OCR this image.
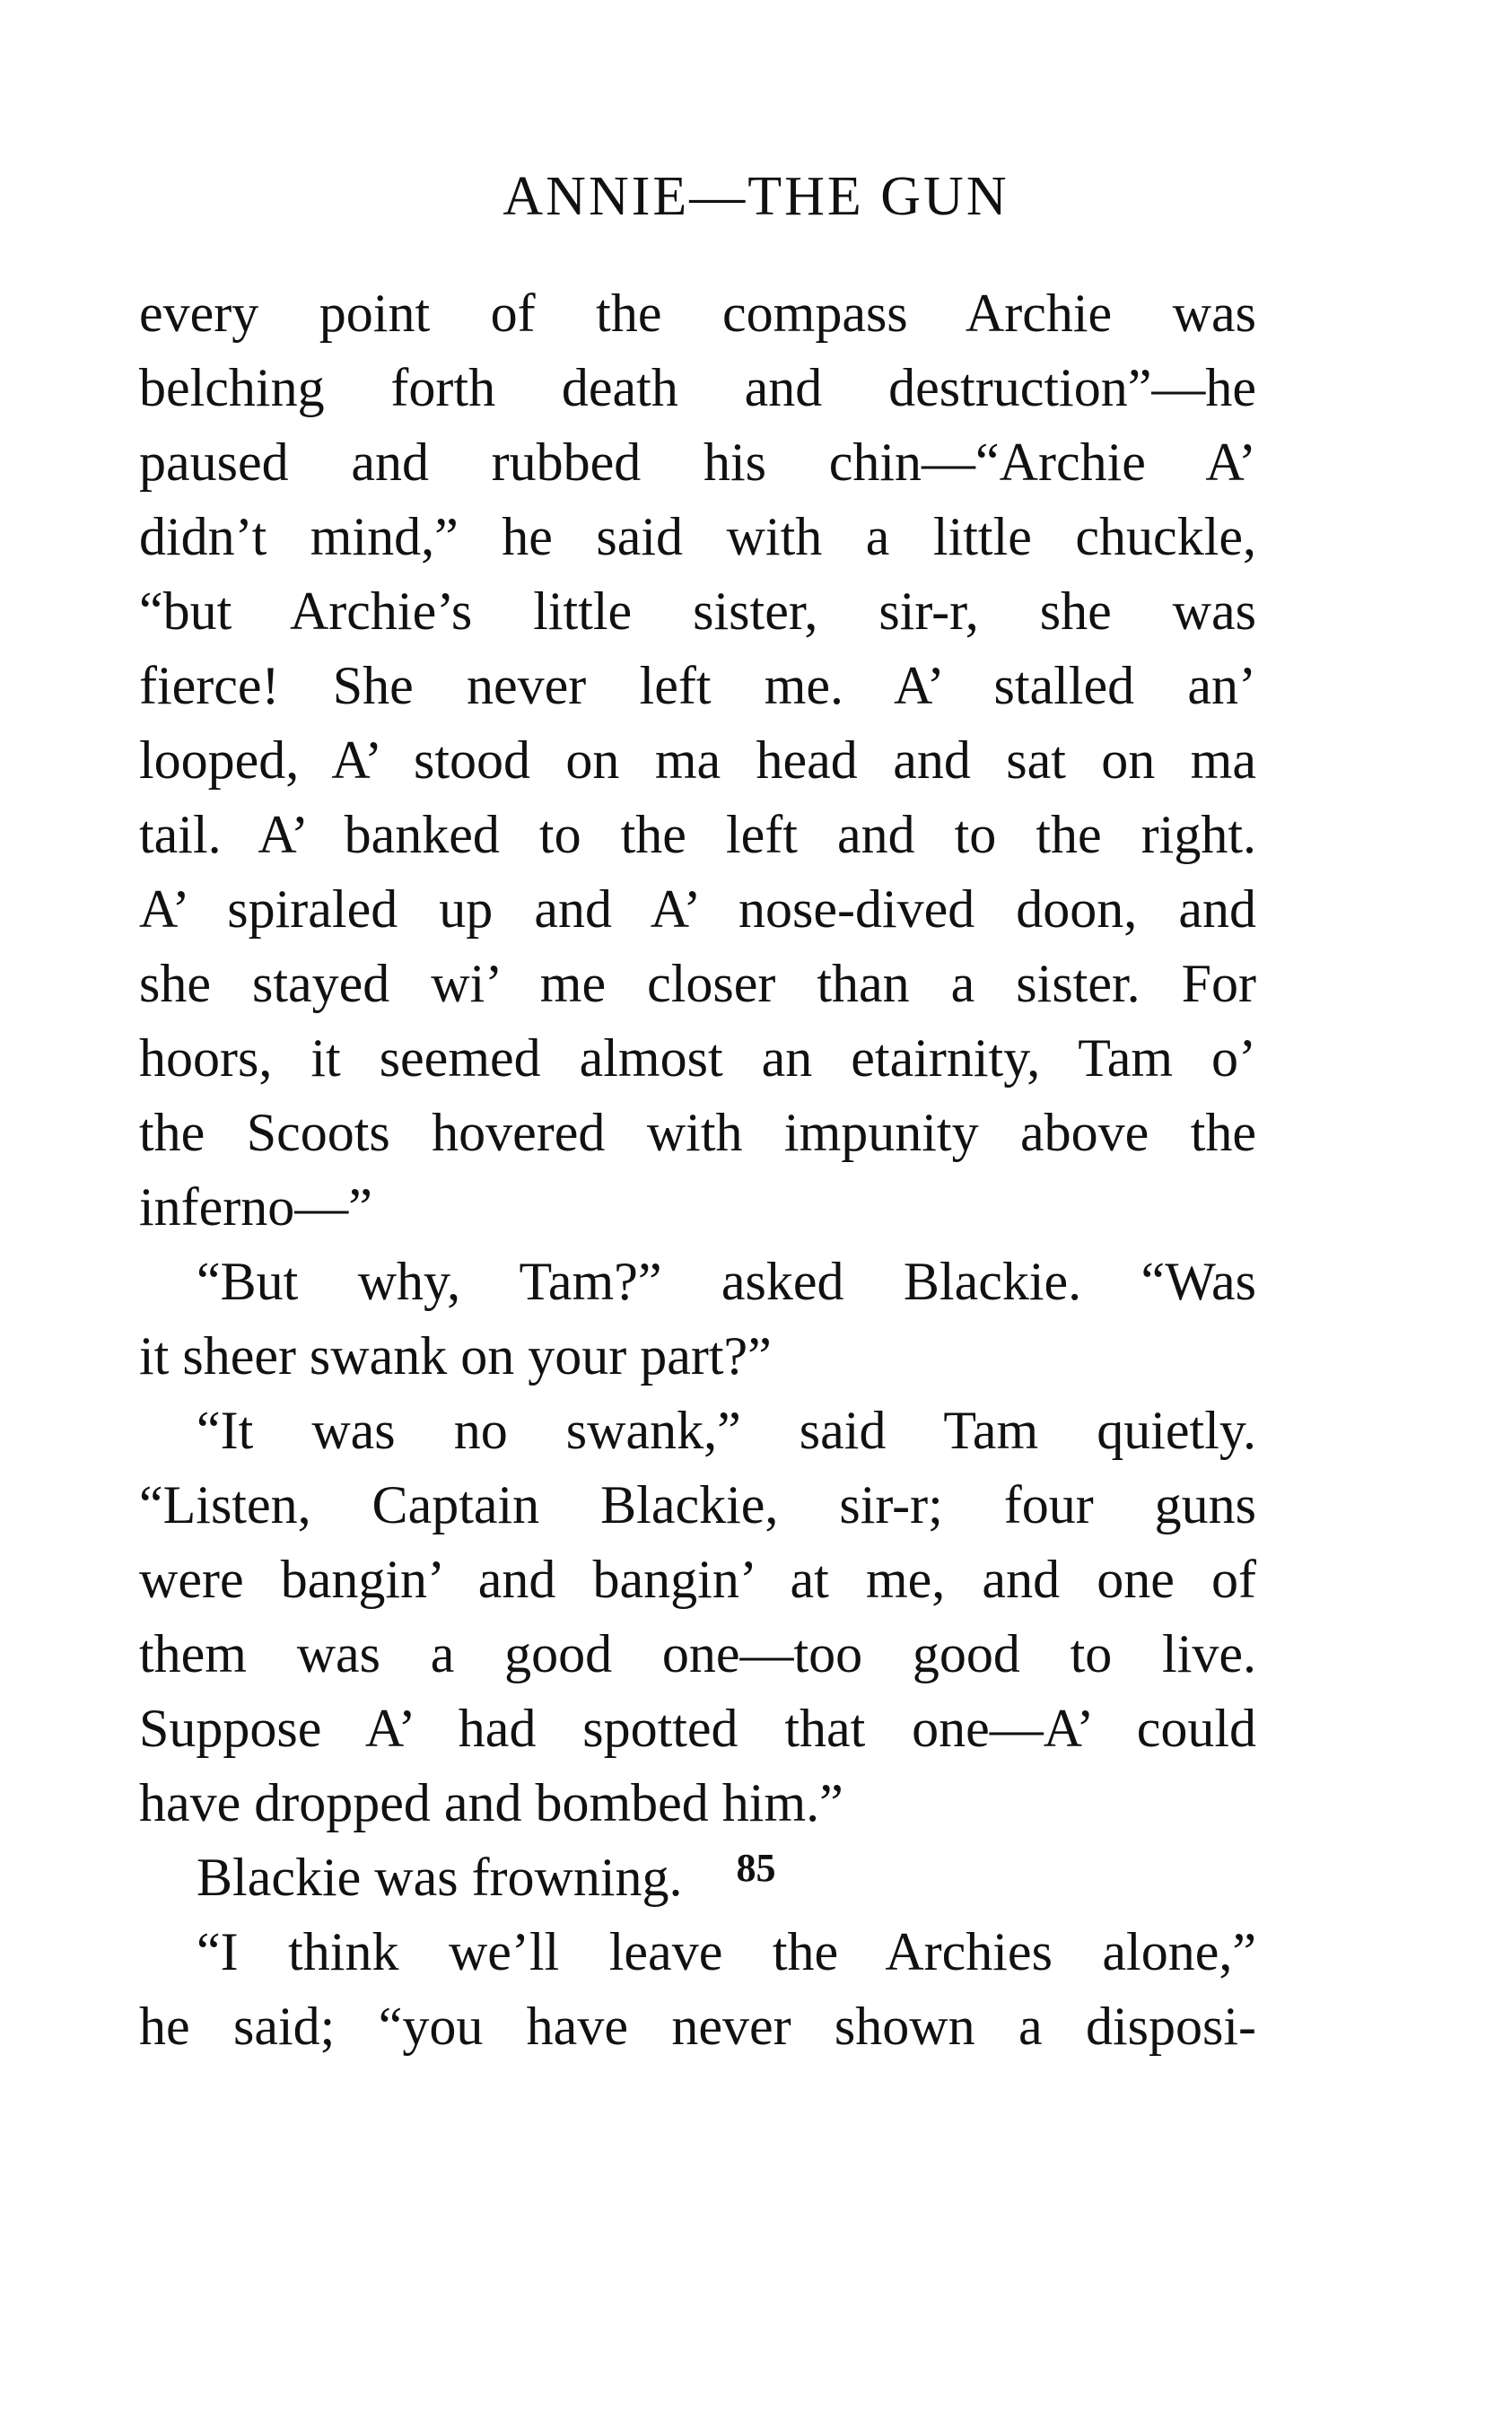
ANNIE—THE GUN

every point of the compass Archie was
belching forth death and destruction”—he
paused and rubbed his chin—“Archie A’
didn’t mind,” he said with a little chuckle,
“but Archie’s little sister, sir-r, she was
fierce! She never left me. A’ stalled an’
looped, A’ stood on ma head and sat on ma
tail. A’ banked to the left and to the right.
A’ spiraled up and A’ nose-dived doon, and
she stayed wi’ me closer than a sister. For
hoors, it seemed almost an etairnity, Tam o’
the Scoots hovered with impunity above the
inferno—”

“But why, Tam?” asked Blackie. “Was
it sheer swank on your part?”

“It was no swank,” said Tam quietly.
“Listen, Captain Blackie, sir-r; four guns
were bangin’ and bangin’ at me, and one of
them was a good one—too good to live.
Suppose A’ had spotted that one—A’ could
have dropped and bombed him.”

Blackie was frowning.

“I think we’ll leave the Archies alone,”
he said; “you have never shown a disposi-

85
